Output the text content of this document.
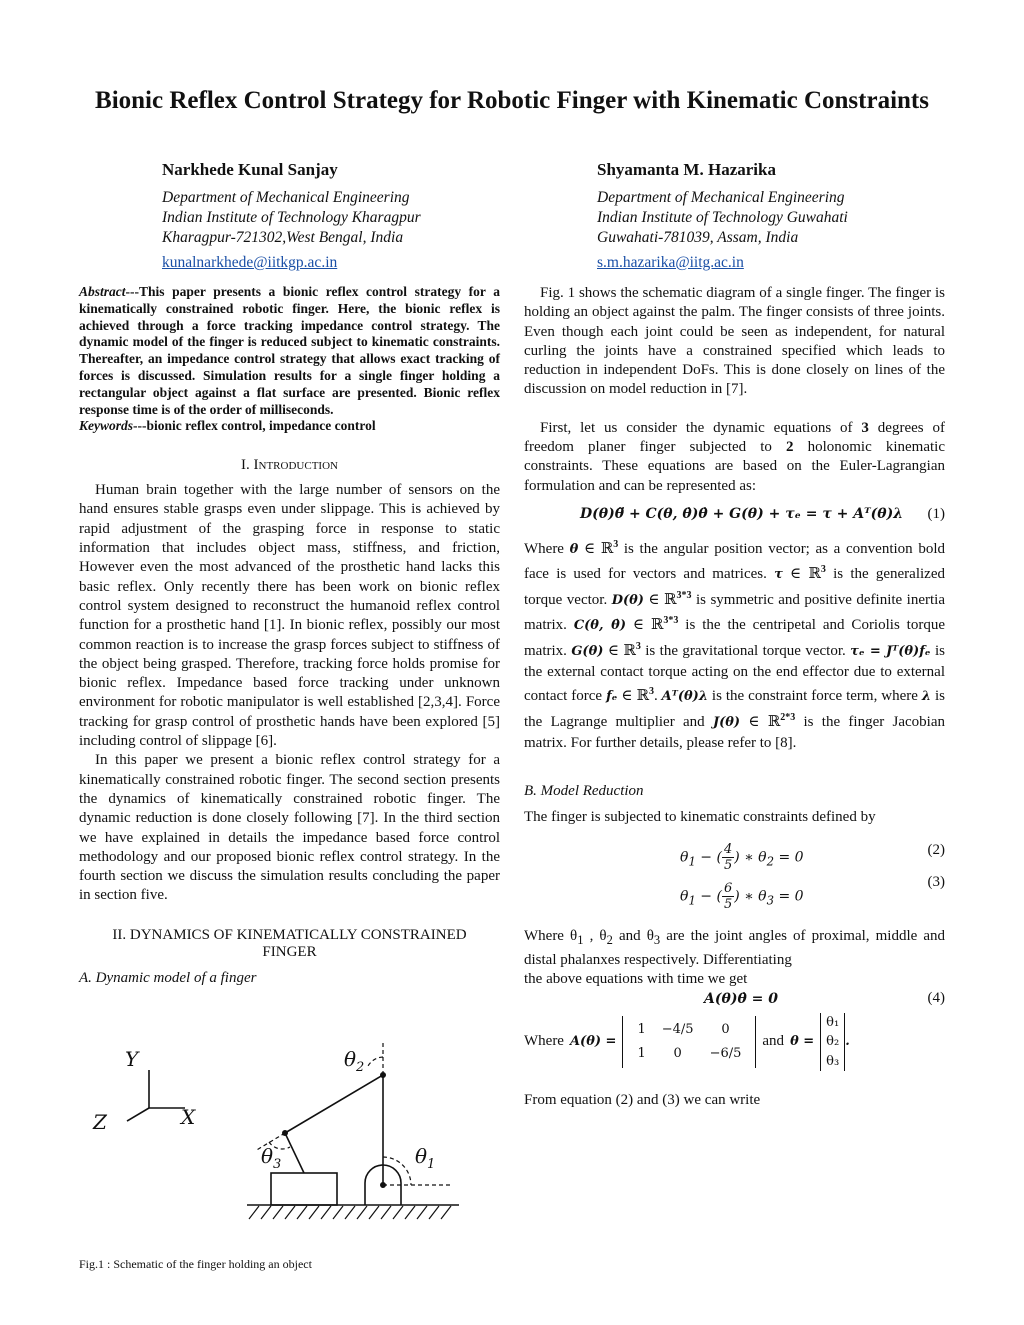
Bionic Reflex Control Strategy for Robotic Finger with Kinematic Constraints
Narkhede Kunal Sanjay
Department of Mechanical Engineering
Indian Institute of Technology Kharagpur
Kharagpur-721302,West Bengal, India
kunalnarkhede@iitkgp.ac.in
Shyamanta M. Hazarika
Department of Mechanical Engineering
Indian Institute of Technology Guwahati
Guwahati-781039, Assam, India
s.m.hazarika@iitg.ac.in
Abstract---This paper presents a bionic reflex control strategy for a kinematically constrained robotic finger. Here, the bionic reflex is achieved through a force tracking impedance control strategy. The dynamic model of the finger is reduced subject to kinematic constraints. Thereafter, an impedance control strategy that allows exact tracking of forces is discussed. Simulation results for a single finger holding a rectangular object against a flat surface are presented. Bionic reflex response time is of the order of milliseconds.
Keywords---bionic reflex control, impedance control
I. Introduction

Human brain together with the large number of sensors on the hand ensures stable grasps even under slippage. This is achieved by rapid adjustment of the grasping force in response to static information that includes object mass, stiffness, and friction, However even the most advanced of the prosthetic hand lacks this basic reflex. Only recently there has been work on bionic reflex control system designed to reconstruct the humanoid reflex control function for a prosthetic hand [1]. In bionic reflex, possibly our most common reaction is to increase the grasp forces subject to stiffness of the object being grasped. Therefore, tracking force holds promise for bionic reflex. Impedance based force tracking under unknown environment for robotic manipulator is well established [2,3,4]. Force tracking for grasp control of prosthetic hands have been explored [5] including control of slippage [6].

In this paper we present a bionic reflex control strategy for a kinematically constrained robotic finger. The second section presents the dynamics of kinematically constrained robotic finger. The dynamic reduction is done closely following [7]. In the third section we have explained in details the impedance based force control methodology and our proposed bionic reflex control strategy. In the fourth section we discuss the simulation results concluding the paper in section five.

II. DYNAMICS OF KINEMATICALLY CONSTRAINED
FINGER
A. Dynamic model of a finger
Y
X
Z
$\theta_2$
$\theta_3$	$\theta_1$
Fig.1 : Schematic of the finger holding an object

Fig. 1 shows the schematic diagram of a single finger. The finger is holding an object against the palm. The finger consists of three joints. Even though each joint could be seen as independent, for natural curling the joints have a constrained specified which leads to reduction in independent DoFs. This is done closely on lines of the discussion on model reduction in [7].

First, let us consider the dynamic equations of 3 degrees of freedom planer finger subjected to 2 holonomic kinematic constraints. These equations are based on the Euler-Lagrangian formulation and can be represented as:

D(θ)θ̈ + C(θ, θ̇)θ̇ + G(θ) + τₑ = τ + Aᵀ(θ)λ (1)

Where θ ∈ ℝ$^3$ is the angular position vector; as a convention bold face is used for vectors and matrices. τ ∈ ℝ$^3$ is the generalized torque vector. D(θ) ∈ ℝ$^{3*3}$ is symmetric and positive definite inertia matrix. C(θ, θ̇) ∈ ℝ$^{3*3}$ is the the centripetal and Coriolis torque matrix. G(θ) ∈ ℝ$^3$ is the gravitational torque vector. τₑ = Jᵀ(θ)fₑ is the external contact torque acting on the end effector due to external contact force fₑ ∈ ℝ$^3$. Aᵀ(θ)λ is the constraint force term, where λ is the Lagrange multiplier and J(θ) ∈ ℝ$^{2*3}$ is the finger Jacobian matrix. For further details, please refer to [8].

B. Model Reduction

The finger is subjected to kinematic constraints defined by

$\theta_1$ − ( $\frac{4}{5}$ ) ∗ $\theta_2 = 0$	(2)
$\theta_1$ − ( $\frac{6}{5}$ ) ∗ $\theta_3 = 0$
(3)

Where $\theta_1$ , $\theta_2$ and $\theta_3$ are the joint angles of proximal, middle and distal phalanxes respectively. Differentiating

the above equations with time we get

A(θ)θ̇ = 0	(4)
Where A(θ) =
1	−4/5	0
1	0	−6/5
and θ =
θ₁
θ₂
θ₃
.

From equation (2) and (3) we can write
